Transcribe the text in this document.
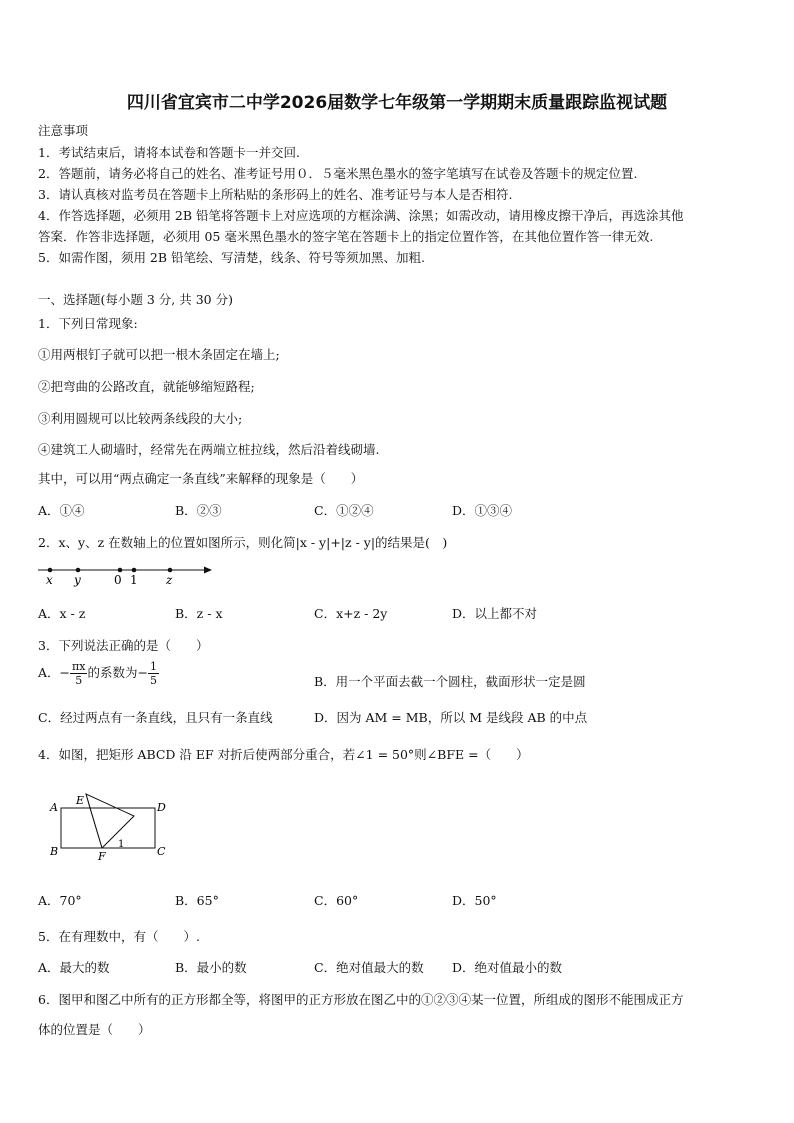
四川省宜宾市二中学2026届数学七年级第一学期期末质量跟踪监视试题
注意事项
1．考试结束后，请将本试卷和答题卡一并交回.
2．答题前，请务必将自己的姓名、准考证号用０．５毫米黑色墨水的签字笔填写在试卷及答题卡的规定位置.
3．请认真核对监考员在答题卡上所粘贴的条形码上的姓名、准考证号与本人是否相符.
4．作答选择题，必须用 2B 铅笔将答题卡上对应选项的方框涂满、涂黑；如需改动，请用橡皮擦干净后，再选涂其他
答案．作答非选择题，必须用 05 毫米黑色墨水的签字笔在答题卡上的指定位置作答，在其他位置作答一律无效.
5．如需作图，须用 2B 铅笔绘、写清楚，线条、符号等须加黑、加粗.
一、选择题(每小题 3 分, 共 30 分)
1．下列日常现象:
①用两根钉子就可以把一根木条固定在墙上;
②把弯曲的公路改直，就能够缩短路程;
③利用圆规可以比较两条线段的大小;
④建筑工人砌墙时，经常先在两端立桩拉线，然后沿着线砌墙.
其中，可以用“两点确定一条直线”来解释的现象是（　　）
A．①④	B．②③	C．①②④	D．①③④
2．x、y、z 在数轴上的位置如图所示，则化简|x - y|+|z - y|的结果是(　)
x y	0 1 z
A．x - z	B．z - x	C．x+z - 2y	D．以上都不对
3．下列说法正确的是（　　）
A．− $\frac{\pi x}{5}$ 的系数为− $\frac{1}{5}$	B．用一个平面去截一个圆柱，截面形状一定是圆
C．经过两点有一条直线，且只有一条直线	D．因为 AM = MB，所以 M 是线段 AB 的中点
4．如图，把矩形 ABCD 沿 EF 对折后使两部分重合，若∠1 = 50°则∠BFE =（　　）
A
E
D
B	F
1
C
A．70°	B．65°	C．60°	D．50°
5．在有理数中，有（　　）.
A．最大的数	B．最小的数	C．绝对值最大的数 D．绝对值最小的数
6．图甲和图乙中所有的正方形都全等，将图甲的正方形放在图乙中的①②③④某一位置，所组成的图形不能围成正方
体的位置是（　　）
